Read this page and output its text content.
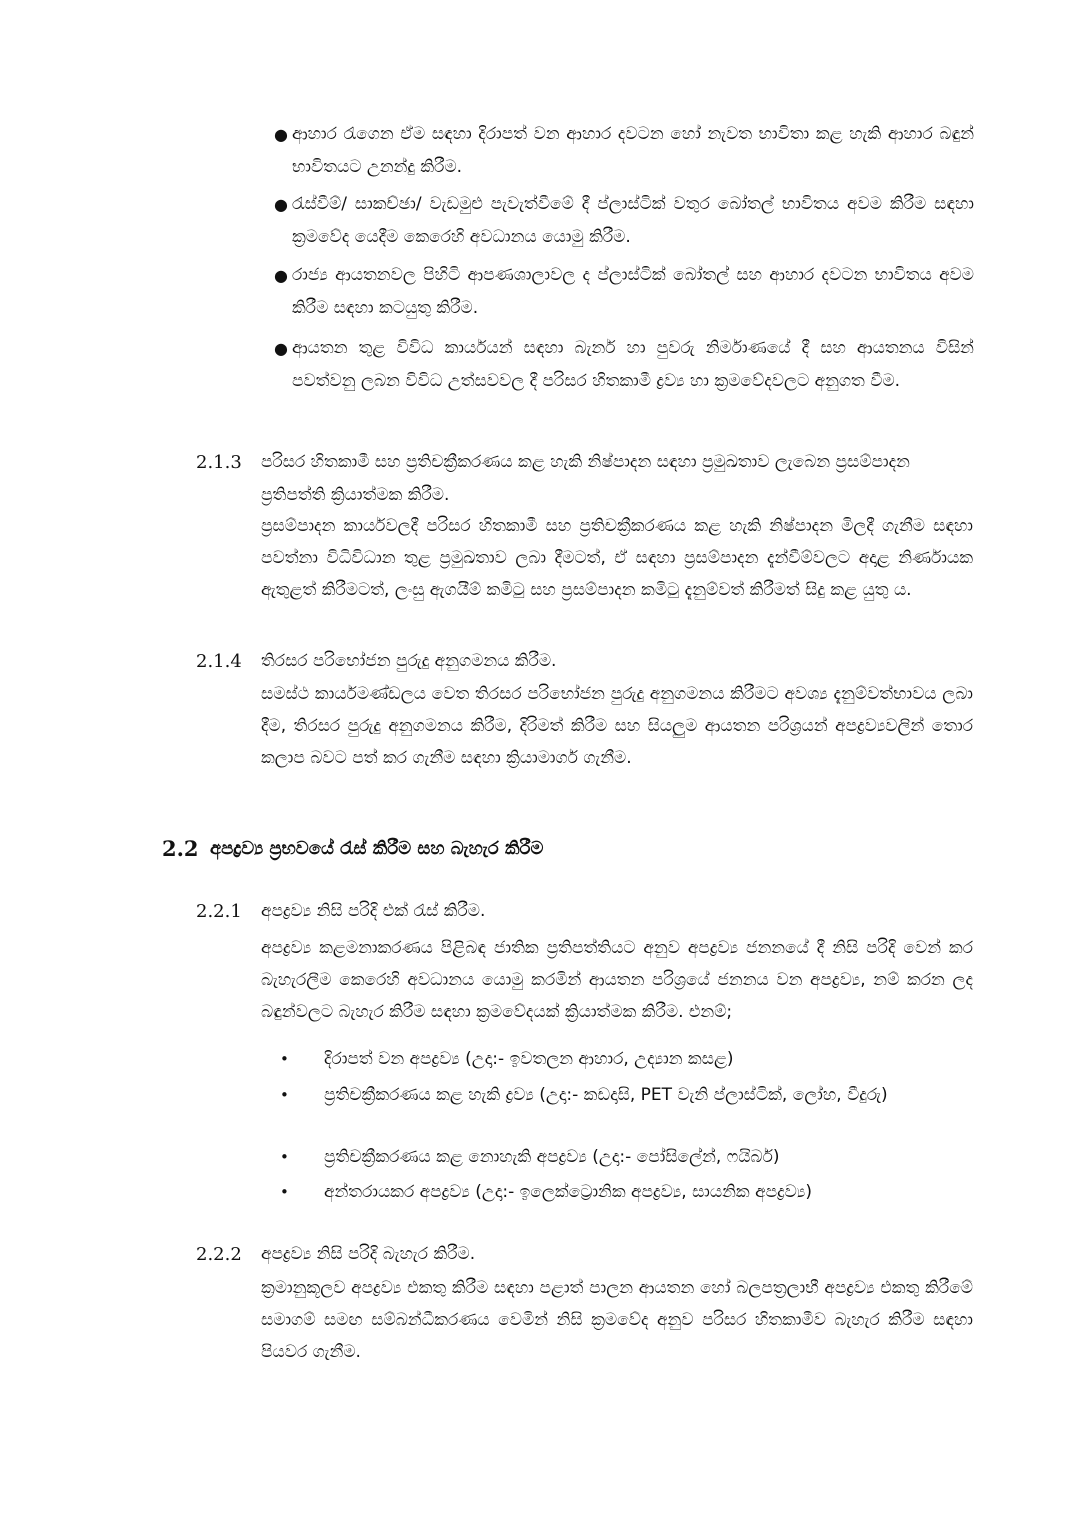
● ආහාර රැගෙන ඒම සඳහා දිරාපත් වන ආහාර දවටන හෝ නැවත භාවිතා කළ හැකි ආහාර බඳුන් භාවිතයට උනන්දු කිරීම.
● රැස්වීම්/ සාකච්ඡා/ වැඩමුළු පැවැත්වීමේ දී ප්ලාස්ටික් වතුර බෝතල් භාවිතය අවම කිරීම සඳහා ක්‍රමවේද යෙදීම කෙරෙහි අවධානය යොමු කිරීම.
● රාජ්‍ය ආයතනවල පිහිටි ආපණශාලාවල ද ප්ලාස්ටික් බෝතල් සහ ආහාර දවටන භාවිතය අවම කිරීම සඳහා කටයුතු කිරීම.
● ආයතන තුළ විවිධ කාර්යයන් සඳහා බැනර් හා පුවරු නිර්මාණයේ දී සහ ආයතනය විසින් පවත්වනු ලබන විවිධ උත්සවවල දී පරිසර හිතකාමී ද්‍රව්‍ය හා ක්‍රමවේදවලට අනුගත වීම.
2.1.3 පරිසර හිතකාමී සහ ප්‍රතිචක්‍රීකරණය කළ හැකි නිෂ්පාදන සඳහා ප්‍රමුඛතාව ලැබෙන ප්‍රසම්පාදන ප්‍රතිපත්ති ක්‍රියාත්මක කිරීම.
ප්‍රසම්පාදන කාර්යවලදී පරිසර හිතකාමී සහ ප්‍රතිචක්‍රීකරණය කළ හැකි නිෂ්පාදන මිලදී ගැනීම සඳහා පවත්නා විධිවිධාන තුළ ප්‍රමුඛතාව ලබා දීමටත්, ඒ සඳහා ප්‍රසම්පාදන දැන්වීම්වලට අදාළ නිර්ණායක ඇතුළත් කිරීමටත්, ලංසු ඇගයීම් කමිටු සහ ප්‍රසම්පාදන කමිටු දැනුම්වත් කිරීමත් සිදු කළ යුතු ය.
2.1.4 තිරසර පරිභෝජන පුරුදු අනුගමනය කිරීම.
සමස්ථ කාර්යමණ්ඩලය වෙත තිරසර පරිභෝජන පුරුදු අනුගමනය කිරීමට අවශ්‍ය දැනුම්වත්භාවය ලබා දීම, තිරසර පුරුදු අනුගමනය කිරීම, දිරිමත් කිරීම සහ සියලුම ආයතන පරිශ්‍රයන් අපද්‍රව්‍යවලින් තොර කලාප බවට පත් කර ගැනීම සඳහා ක්‍රියාමාර්ග ගැනීම.
2.2 අපද්‍රව්‍ය ප්‍රභවයේ රැස් කිරීම සහ බැහැර කිරීම
2.2.1 අපද්‍රව්‍ය නිසි පරිදි එක් රැස් කිරීම.
අපද්‍රව්‍ය කළමනාකරණය පිළිබඳ ජාතික ප්‍රතිපත්තියට අනුව අපද්‍රව්‍ය ජනනයේ දී නිසි පරිදි වෙන් කර බැහැරලීම කෙරෙහි අවධානය යොමු කරමින් ආයතන පරිශ්‍රයේ ජනනය වන අපද්‍රව්‍ය, නම් කරන ලද බඳුන්වලට බැහැර කිරීම සඳහා ක්‍රමවේදයක් ක්‍රියාත්මක කිරීම. එනම්;
• දිරාපත් වන අපද්‍රව්‍ය (උදා:- ඉවතලන ආහාර, උද්‍යාන කසළ)
• ප්‍රතිචක්‍රීකරණය කළ හැකි ද්‍රව්‍ය (උදා:- කඩදාසි, PET වැනි ප්ලාස්ටික්, ලෝහ, වීදුරු)
• ප්‍රතිචක්‍රීකරණය කළ නොහැකි අපද්‍රව්‍ය (උදා:- පෝසිලේන්, ෆයිබර්)
• අන්තරායකර අපද්‍රව්‍ය (උදා:- ඉලෙක්ට්‍රොනික අපද්‍රව්‍ය, සායනික අපද්‍රව්‍ය)
2.2.2 අපද්‍රව්‍ය නිසි පරිදි බැහැර කිරීම.
ක්‍රමානුකූලව අපද්‍රව්‍ය එකතු කිරීම සඳහා පළාත් පාලන ආයතන හෝ බලපත්‍රලාභී අපද්‍රව්‍ය එකතු කිරීමේ සමාගම් සමඟ සම්බන්ධීකරණය වෙමින් නිසි ක්‍රමවේද අනුව පරිසර හිතකාමීව බැහැර කිරීම සඳහා පියවර ගැනීම.
